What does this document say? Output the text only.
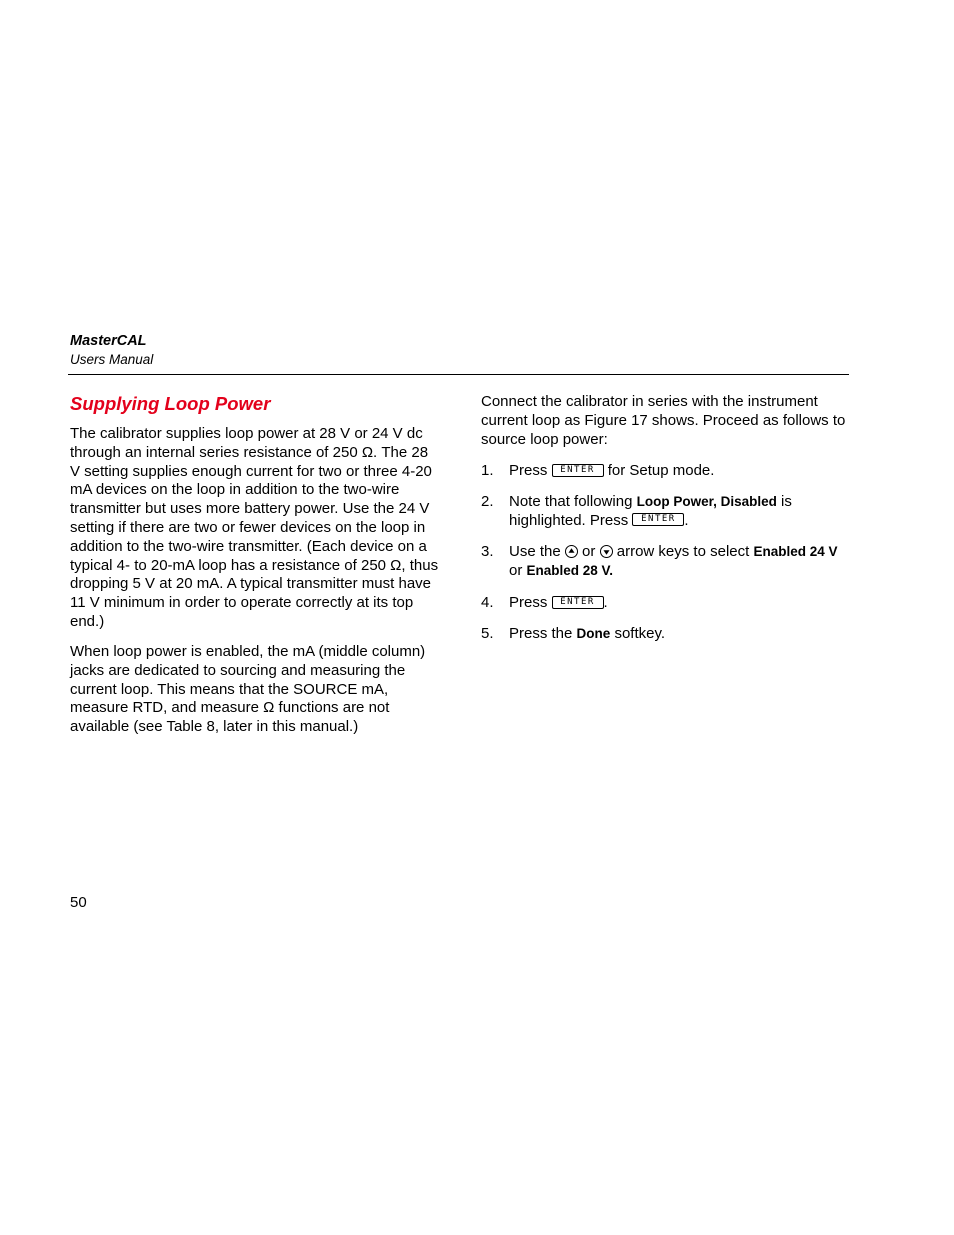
MasterCAL
Users Manual
Supplying Loop Power

The calibrator supplies loop power at 28 V or 24 V dc through an internal series resistance of 250 Ω. The 28 V setting supplies enough current for two or three 4-20 mA devices on the loop in addition to the two-wire transmitter but uses more battery power. Use the 24 V setting if there are two or fewer devices on the loop in addition to the two-wire transmitter. (Each device on a typical 4- to 20-mA loop has a resistance of 250 Ω, thus dropping 5 V at 20 mA. A typical transmitter must have 11 V minimum in order to operate correctly at its top end.)

When loop power is enabled, the mA (middle column) jacks are dedicated to sourcing and measuring the current loop. This means that the SOURCE mA, measure RTD, and measure Ω functions are not available (see Table 8, later in this manual.)

Connect the calibrator in series with the instrument current loop as Figure 17 shows. Proceed as follows to source loop power:

1.	Press ENTER for Setup mode.
2.	Note that following Loop Power, Disabled is highlighted. Press ENTER .
3.	Use the or arrow keys to select Enabled 24 V or Enabled 28 V.
4.	Press ENTER .
5.	Press the Done softkey.
50
